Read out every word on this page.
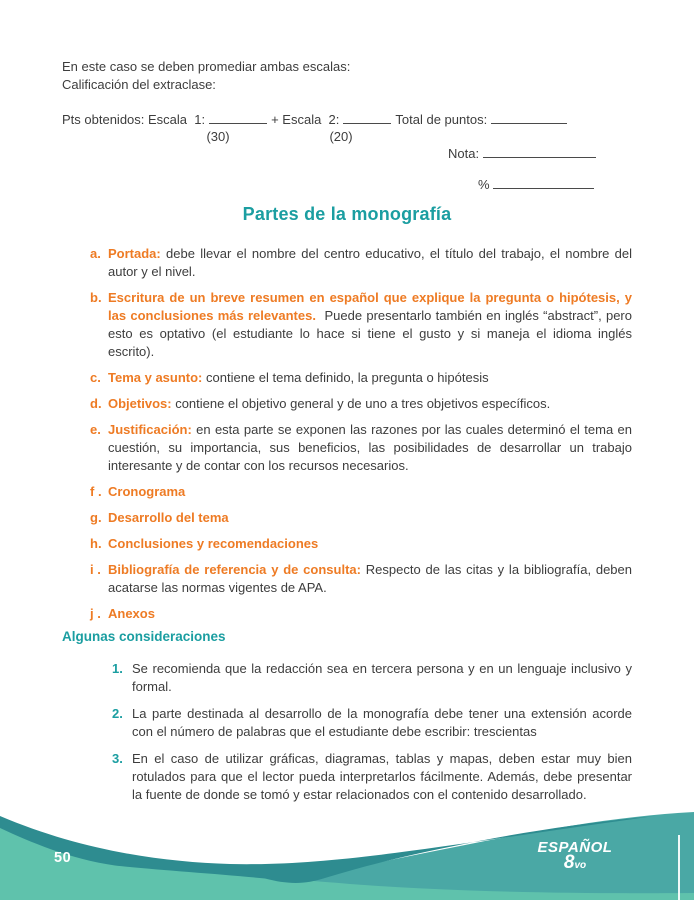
En este caso se deben promediar ambas escalas:
Calificación del extraclase:
Pts obtenidos: Escala  1:	+ Escala  2:	Total de puntos:
(30)	(20)
Nota:
%
Partes de la monografía
a. Portada: debe llevar el nombre del centro educativo, el título del trabajo, el nombre del autor y el nivel.

b. Escritura de un breve resumen en español que explique la pregunta o hipótesis, y las conclusiones más relevantes. Puede presentarlo también en inglés “abstract”, pero esto es optativo (el estudiante lo hace si tiene el gusto y si maneja el idioma inglés escrito).

c. Tema y asunto: contiene el tema definido, la pregunta o hipótesis

d. Objetivos: contiene el objetivo general y de uno a tres objetivos específicos.

e. Justificación: en esta parte se exponen las razones por las cuales determinó el tema en cuestión, su importancia, sus beneficios, las posibilidades de desarrollar un trabajo interesante y de contar con los recursos necesarios.

f . Cronograma

g. Desarrollo del tema

h. Conclusiones y recomendaciones

i . Bibliografía de referencia y de consulta: Respecto de las citas y la bibliografía, deben acatarse las normas vigentes de APA.

j . Anexos

Algunas consideraciones
1. Se recomienda que la redacción sea en tercera persona y en un lenguaje inclusivo y formal.

2. La parte destinada al desarrollo de la monografía debe tener una extensión acorde con el número de palabras que el estudiante debe escribir: trescientas

3. En el caso de utilizar gráficas, diagramas, tablas y mapas, deben estar muy bien rotulados para que el lector pueda interpretarlos fácilmente. Además, debe presentar la fuente de donde se tomó y estar relacionados con el contenido desarrollado.

50
ESPAÑOL
8vo
